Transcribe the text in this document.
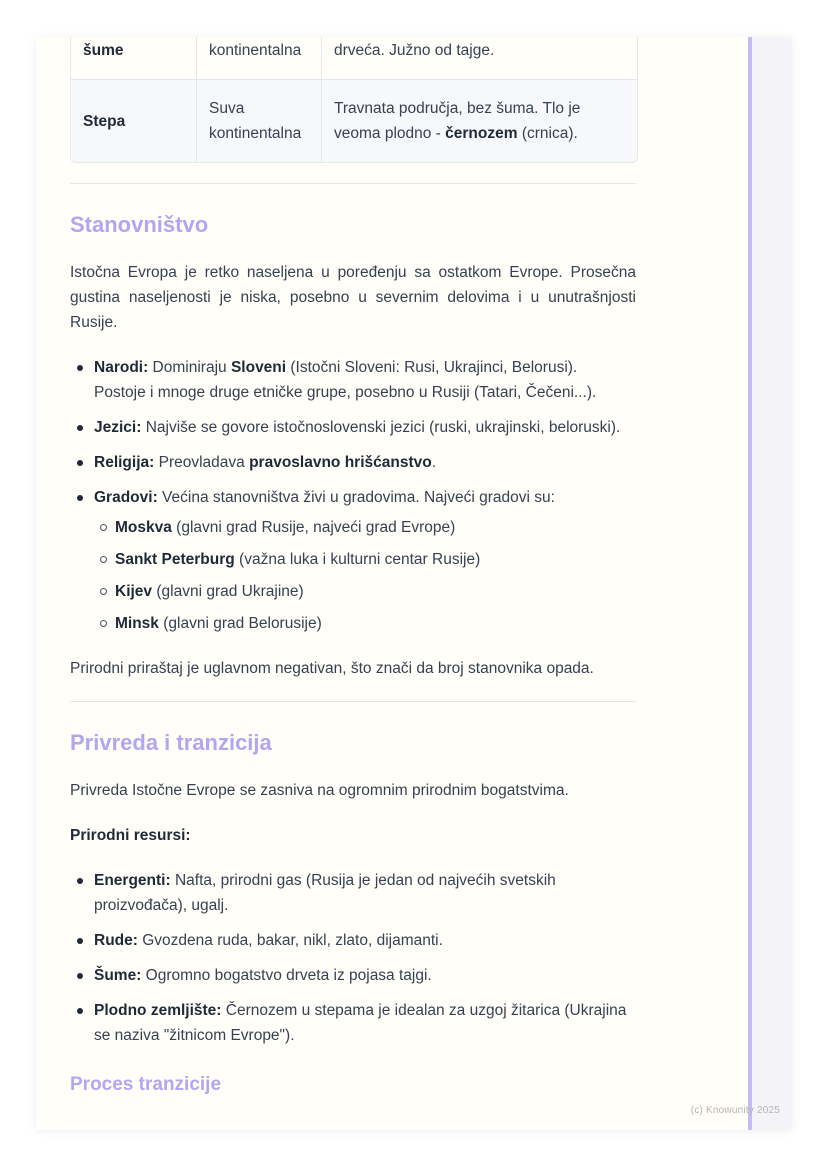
šume	kontinentalna	drveća. Južno od tajge.
Stepa	Suva kontinentalna	Travnata područja, bez šuma. Tlo je veoma plodno - černozem (crnica).
Stanovništvo

Istočna Evropa je retko naseljena u poređenju sa ostatkom Evrope. Prosečna gustina naseljenosti je niska, posebno u severnim delovima i u unutrašnjosti Rusije.

Narodi: Dominiraju Sloveni (Istočni Sloveni: Rusi, Ukrajinci, Belorusi). Postoje i mnoge druge etničke grupe, posebno u Rusiji (Tatari, Čečeni...).
Jezici: Najviše se govore istočnoslovenski jezici (ruski, ukrajinski, beloruski).
Religija: Preovladava pravoslavno hrišćanstvo.
Gradovi: Većina stanovništva živi u gradovima. Najveći gradovi su:
Moskva (glavni grad Rusije, najveći grad Evrope)
Sankt Peterburg (važna luka i kulturni centar Rusije)
Kijev (glavni grad Ukrajine)
Minsk (glavni grad Belorusije)

Prirodni priraštaj je uglavnom negativan, što znači da broj stanovnika opada.

Privreda i tranzicija

Privreda Istočne Evrope se zasniva na ogromnim prirodnim bogatstvima.

Prirodni resursi:

Energenti: Nafta, prirodni gas (Rusija je jedan od najvećih svetskih proizvođača), ugalj.
Rude: Gvozdena ruda, bakar, nikl, zlato, dijamanti.
Šume: Ogromno bogatstvo drveta iz pojasa tajgi.
Plodno zemljište: Černozem u stepama je idealan za uzgoj žitarica (Ukrajina se naziva "žitnicom Evrope").
Proces tranzicije
(c) Knowunity 2025
